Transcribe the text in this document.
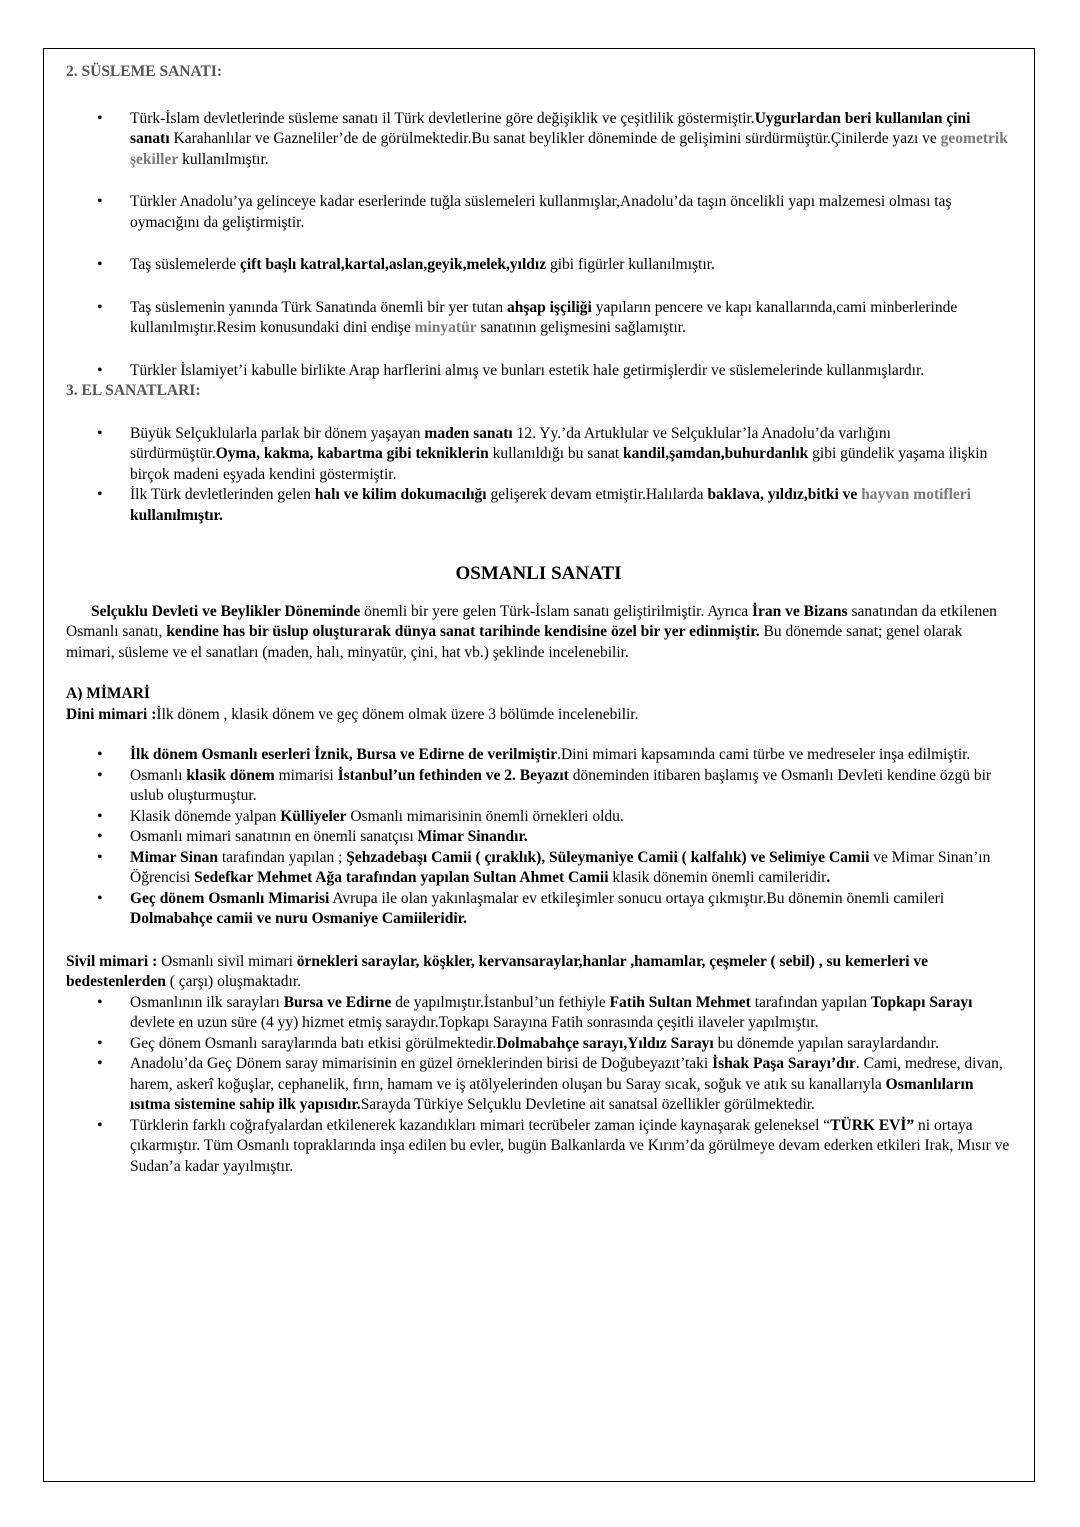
2. SÜSLEME SANATI:

• Türk-İslam devletlerinde süsleme sanatı il Türk devletlerine göre değişiklik ve çeşitlilik göstermiştir.Uygurlardan beri kullanılan çini sanatı Karahanlılar ve Gazneliler’de de görülmektedir.Bu sanat beylikler döneminde de gelişimini sürdürmüştür.Çinilerde yazı ve geometrik şekiller kullanılmıştır.
• Türkler Anadolu’ya gelinceye kadar eserlerinde tuğla süslemeleri kullanmışlar,Anadolu’da taşın öncelikli yapı malzemesi olması taş oymacığını da geliştirmiştir.
• Taş süslemelerde çift başlı katral,kartal,aslan,geyik,melek,yıldız gibi figürler kullanılmıştır.
• Taş süslemenin yanında Türk Sanatında önemli bir yer tutan ahşap işçiliği yapıların pencere ve kapı kanallarında,cami minberlerinde kullanılmıştır.Resim konusundaki dini endişe minyatür sanatının gelişmesini sağlamıştır.
• Türkler İslamiyet’i kabulle birlikte Arap harflerini almış ve bunları estetik hale getirmişlerdir ve süslemelerinde kullanmışlardır.

3. EL SANATLARI:

• Büyük Selçuklularla parlak bir dönem yaşayan maden sanatı 12. Yy.’da Artuklular ve Selçuklular’la Anadolu’da varlığını sürdürmüştür.Oyma, kakma, kabartma gibi tekniklerin kullanıldığı bu sanat kandil,şamdan,buhurdanlık gibi gündelik yaşama ilişkin birçok madeni eşyada kendini göstermiştir.
• İlk Türk devletlerinden gelen halı ve kilim dokumacılığı gelişerek devam etmiştir.Halılarda baklava, yıldız,bitki ve hayvan motifleri kullanılmıştır.

OSMANLI SANATI

Selçuklu Devleti ve Beylikler Döneminde önemli bir yere gelen Türk-İslam sanatı geliştirilmiştir. Ayrıca İran ve Bizans sanatından da etkilenen Osmanlı sanatı, kendine has bir üslup oluşturarak dünya sanat tarihinde kendisine özel bir yer edinmiştir. Bu dönemde sanat; genel olarak mimari, süsleme ve el sanatları (maden, halı, minyatür, çini, hat vb.) şeklinde incelenebilir.

A) MİMARİ

Dini mimari :İlk dönem , klasik dönem ve geç dönem olmak üzere 3 bölümde incelenebilir.

• İlk dönem Osmanlı eserleri İznik, Bursa ve Edirne de verilmiştir.Dini mimari kapsamında cami türbe ve medreseler inşa edilmiştir.
• Osmanlı klasik dönem mimarisi İstanbul’un fethinden ve 2. Beyazıt döneminden itibaren başlamış ve Osmanlı Devleti kendine özgü bir uslub oluşturmuştur.
• Klasik dönemde yalpan Külliyeler Osmanlı mimarisinin önemli örnekleri oldu.
• Osmanlı mimari sanatının en önemli sanatçısı Mimar Sinandır.
• Mimar Sinan tarafından yapılan ; Şehzadebaşı Camii ( çıraklık), Süleymaniye Camii ( kalfalık) ve Selimiye Camii ve Mimar Sinan’ın Öğrencisi Sedefkar Mehmet Ağa tarafından yapılan Sultan Ahmet Camii klasik dönemin önemli camileridir.
• Geç dönem Osmanlı Mimarisi Avrupa ile olan yakınlaşmalar ev etkileşimler sonucu ortaya çıkmıştır.Bu dönemin önemli camileri Dolmabahçe camii ve nuru Osmaniye Camiileridir.

Sivil mimari : Osmanlı sivil mimari örnekleri saraylar, köşkler, kervansaraylar,hanlar ,hamamlar, çeşmeler ( sebil) , su kemerleri ve bedestenlerden ( çarşı) oluşmaktadır.

• Osmanlının ilk sarayları Bursa ve Edirne de yapılmıştır.İstanbul’un fethiyle Fatih Sultan Mehmet tarafından yapılan Topkapı Sarayı devlete en uzun süre (4 yy) hizmet etmiş saraydır.Topkapı Sarayına Fatih sonrasında çeşitli ilaveler yapılmıştır.
• Geç dönem Osmanlı saraylarında batı etkisi görülmektedir.Dolmabahçe sarayı,Yıldız Sarayı bu dönemde yapılan saraylardandır.
• Anadolu’da Geç Dönem saray mimarisinin en güzel örneklerinden birisi de Doğubeyazıt’taki İshak Paşa Sarayı’dır. Cami, medrese, divan, harem, askerî koğuşlar, cephanelik, fırın, hamam ve iş atölyelerinden oluşan bu Saray sıcak, soğuk ve atık su kanallarıyla Osmanlıların ısıtma sistemine sahip ilk yapısıdır.Sarayda Türkiye Selçuklu Devletine ait sanatsal özellikler görülmektedir.
• Türklerin farklı coğrafyalardan etkilenerek kazandıkları mimari tecrübeler zaman içinde kaynaşarak geleneksel “TÜRK EVİ” ni ortaya çıkarmıştır. Tüm Osmanlı topraklarında inşa edilen bu evler, bugün Balkanlarda ve Kırım’da görülmeye devam ederken etkileri Irak, Mısır ve Sudan’a kadar yayılmıştır.
